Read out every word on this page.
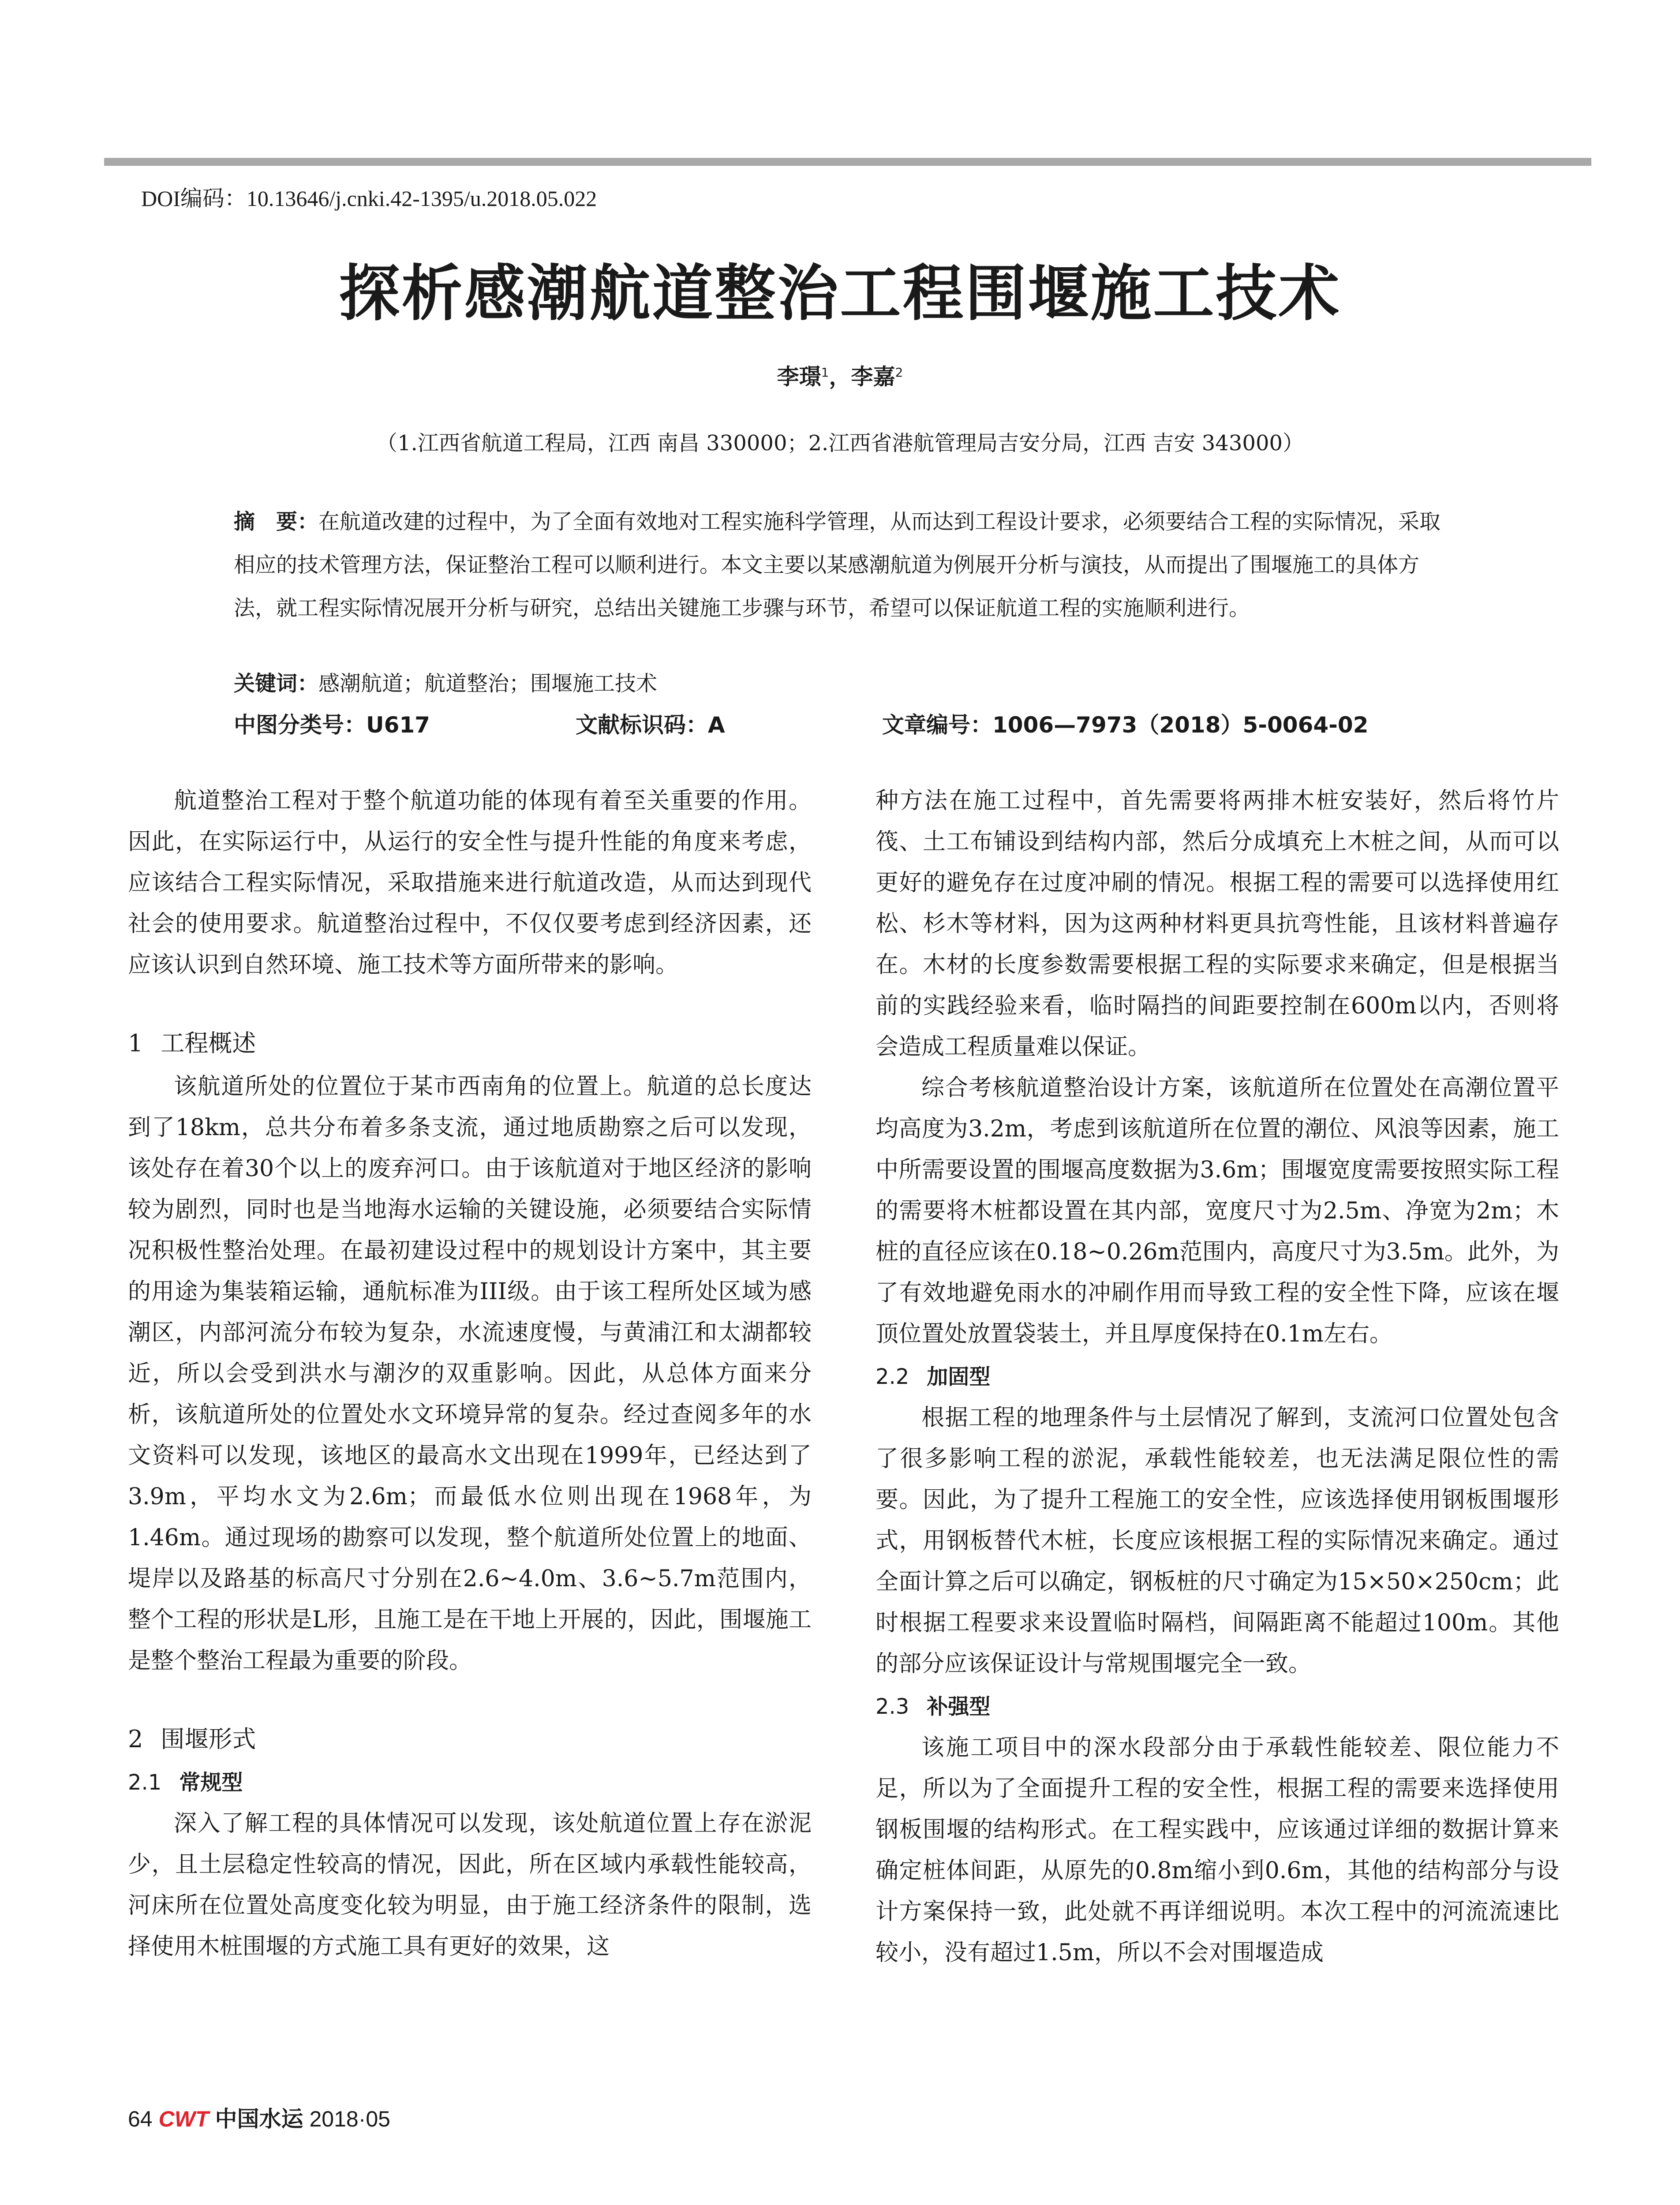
DOI编码：10.13646/j.cnki.42-1395/u.2018.05.022
探析感潮航道整治工程围堰施工技术
李璟$^1$，李嘉$^2$
（1.江西省航道工程局，江西 南昌 330000；2.江西省港航管理局吉安分局，江西 吉安 343000）
摘　要：在航道改建的过程中，为了全面有效地对工程实施科学管理，从而达到工程设计要求，必须要结合工程的实际情况，采取相应的技术管理方法，保证整治工程可以顺利进行。本文主要以某感潮航道为例展开分析与演技，从而提出了围堰施工的具体方法，就工程实际情况展开分析与研究，总结出关键施工步骤与环节，希望可以保证航道工程的实施顺利进行。
关键词：感潮航道；航道整治；围堰施工技术
中图分类号：U617	文献标识码：A	文章编号：1006—7973（2018）5-0064-02

航道整治工程对于整个航道功能的体现有着至关重要的作用。因此，在实际运行中，从运行的安全性与提升性能的角度来考虑，应该结合工程实际情况，采取措施来进行航道改造，从而达到现代社会的使用要求。航道整治过程中，不仅仅要考虑到经济因素，还应该认识到自然环境、施工技术等方面所带来的影响。

1 工程概述

该航道所处的位置位于某市西南角的位置上。航道的总长度达到了18km，总共分布着多条支流，通过地质勘察之后可以发现，该处存在着30个以上的废弃河口。由于该航道对于地区经济的影响较为剧烈，同时也是当地海水运输的关键设施，必须要结合实际情况积极性整治处理。在最初建设过程中的规划设计方案中，其主要的用途为集装箱运输，通航标准为III级。由于该工程所处区域为感潮区，内部河流分布较为复杂，水流速度慢，与黄浦江和太湖都较近，所以会受到洪水与潮汐的双重影响。因此，从总体方面来分析，该航道所处的位置处水文环境异常的复杂。经过查阅多年的水文资料可以发现，该地区的最高水文出现在1999年，已经达到了3.9m，平均水文为2.6m；而最低水位则出现在1968年，为1.46m。通过现场的勘察可以发现，整个航道所处位置上的地面、堤岸以及路基的标高尺寸分别在2.6~4.0m、3.6~5.7m范围内，整个工程的形状是L形，且施工是在干地上开展的，因此，围堰施工是整个整治工程最为重要的阶段。

2 围堰形式
2.1 常规型

深入了解工程的具体情况可以发现，该处航道位置上存在淤泥少，且土层稳定性较高的情况，因此，所在区域内承载性能较高，河床所在位置处高度变化较为明显，由于施工经济条件的限制，选择使用木桩围堰的方式施工具有更好的效果，这

种方法在施工过程中，首先需要将两排木桩安装好，然后将竹片筏、土工布铺设到结构内部，然后分成填充上木桩之间，从而可以更好的避免存在过度冲刷的情况。根据工程的需要可以选择使用红松、杉木等材料，因为这两种材料更具抗弯性能，且该材料普遍存在。木材的长度参数需要根据工程的实际要求来确定，但是根据当前的实践经验来看，临时隔挡的间距要控制在600m以内，否则将会造成工程质量难以保证。

综合考核航道整治设计方案，该航道所在位置处在高潮位置平均高度为3.2m，考虑到该航道所在位置的潮位、风浪等因素，施工中所需要设置的围堰高度数据为3.6m；围堰宽度需要按照实际工程的需要将木桩都设置在其内部，宽度尺寸为2.5m、净宽为2m；木桩的直径应该在0.18~0.26m范围内，高度尺寸为3.5m。此外，为了有效地避免雨水的冲刷作用而导致工程的安全性下降，应该在堰顶位置处放置袋装土，并且厚度保持在0.1m左右。

2.2 加固型

根据工程的地理条件与土层情况了解到，支流河口位置处包含了很多影响工程的淤泥，承载性能较差，也无法满足限位性的需要。因此，为了提升工程施工的安全性，应该选择使用钢板围堰形式，用钢板替代木桩，长度应该根据工程的实际情况来确定。通过全面计算之后可以确定，钢板桩的尺寸确定为15×50×250cm；此时根据工程要求来设置临时隔档，间隔距离不能超过100m。其他的部分应该保证设计与常规围堰完全一致。

2.3 补强型

该施工项目中的深水段部分由于承载性能较差、限位能力不足，所以为了全面提升工程的安全性，根据工程的需要来选择使用钢板围堰的结构形式。在工程实践中，应该通过详细的数据计算来确定桩体间距，从原先的0.8m缩小到0.6m，其他的结构部分与设计方案保持一致，此处就不再详细说明。本次工程中的河流流速比较小，没有超过1.5m，所以不会对围堰造成

64 CWT 中国水运 2018·05
